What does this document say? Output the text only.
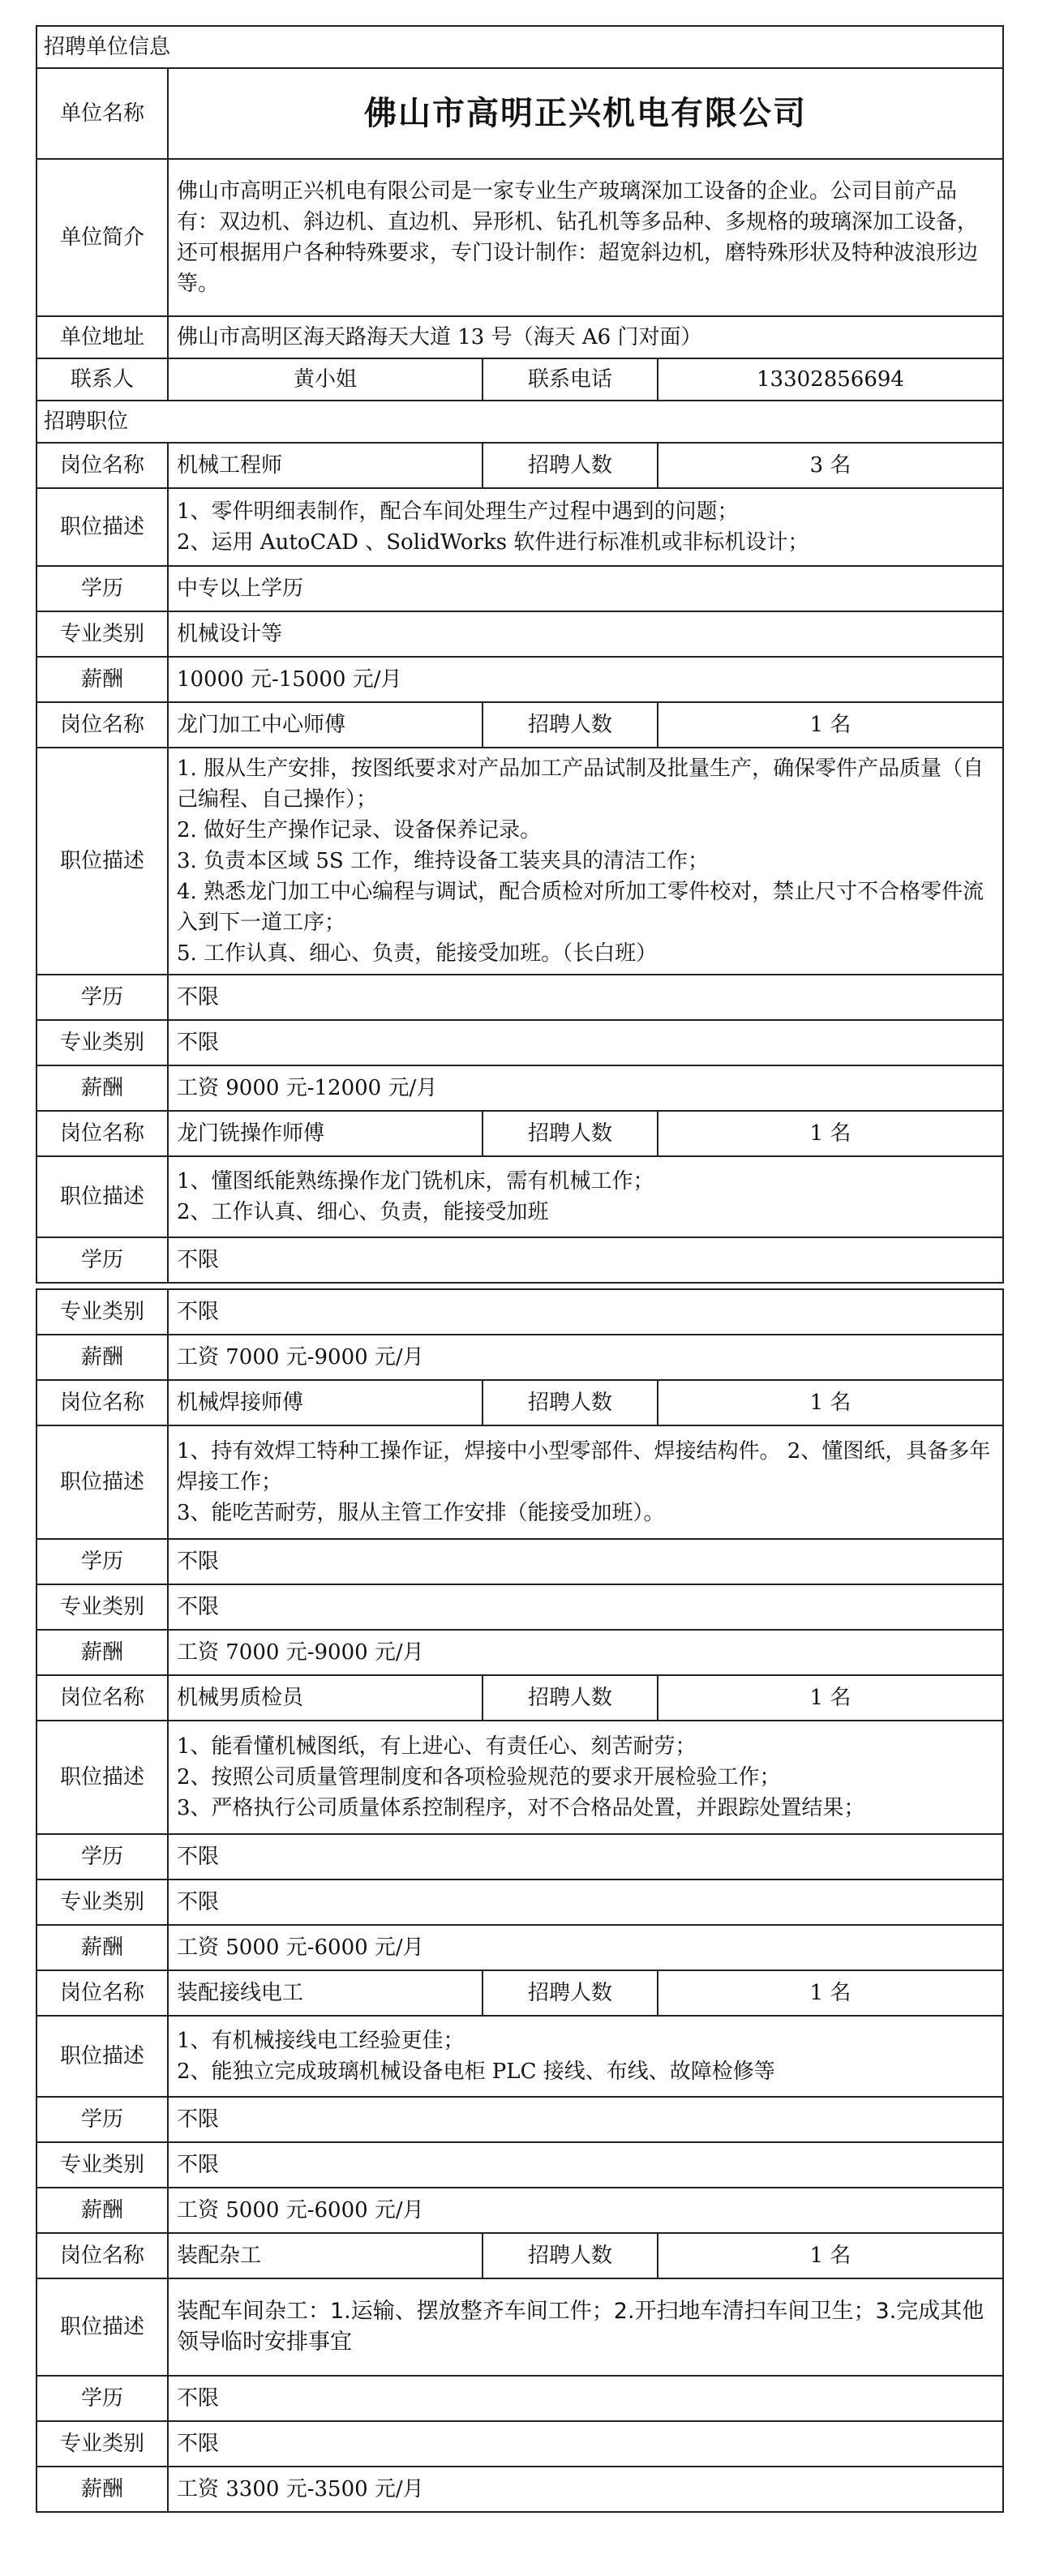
招聘单位信息			
单位名称	佛山市高明正兴机电有限公司		
单位简介	佛山市高明正兴机电有限公司是一家专业生产玻璃深加工设备的企业。公司目前产品有：双边机、斜边机、直边机、异形机、钻孔机等多品种、多规格的玻璃深加工设备，还可根据用户各种特殊要求，专门设计制作：超宽斜边机，磨特殊形状及特种波浪形边等。		
单位地址	佛山市高明区海天路海天大道 13 号（海天 A6 门对面）		
联系人	黄小姐	联系电话	13302856694
招聘职位			
岗位名称	机械工程师	招聘人数	3 名
职位描述	1、零件明细表制作，配合车间处理生产过程中遇到的问题；
2、运用 AutoCAD 、SolidWorks 软件进行标准机或非标机设计；		
学历	中专以上学历		
专业类别	机械设计等		
薪酬	10000 元-15000 元/月		
岗位名称	龙门加工中心师傅	招聘人数	1 名
职位描述	1. 服从生产安排，按图纸要求对产品加工产品试制及批量生产，确保零件产品质量（自己编程、自己操作）；
2. 做好生产操作记录、设备保养记录。
3. 负责本区域 5S 工作，维持设备工装夹具的清洁工作；
4. 熟悉龙门加工中心编程与调试，配合质检对所加工零件校对，禁止尺寸不合格零件流入到下一道工序；
5. 工作认真、细心、负责，能接受加班。（长白班）		
学历	不限		
专业类别	不限		
薪酬	工资 9000 元-12000 元/月		
岗位名称	龙门铣操作师傅	招聘人数	1 名
职位描述	1、懂图纸能熟练操作龙门铣机床，需有机械工作；
2、工作认真、细心、负责，能接受加班		
学历	不限		
专业类别	不限		
薪酬	工资 7000 元-9000 元/月		
岗位名称	机械焊接师傅	招聘人数	1 名
职位描述	1、持有效焊工特种工操作证，焊接中小型零部件、焊接结构件。 2、懂图纸，具备多年焊接工作；
3、能吃苦耐劳，服从主管工作安排（能接受加班）。		
学历	不限		
专业类别	不限		
薪酬	工资 7000 元-9000 元/月		
岗位名称	机械男质检员	招聘人数	1 名
职位描述	1、能看懂机械图纸，有上进心、有责任心、刻苦耐劳；
2、按照公司质量管理制度和各项检验规范的要求开展检验工作；
3、严格执行公司质量体系控制程序，对不合格品处置，并跟踪处置结果；		
学历	不限		
专业类别	不限		
薪酬	工资 5000 元-6000 元/月		
岗位名称	装配接线电工	招聘人数	1 名
职位描述	1、有机械接线电工经验更佳；
2、能独立完成玻璃机械设备电柜 PLC 接线、布线、故障检修等		
学历	不限		
专业类别	不限		
薪酬	工资 5000 元-6000 元/月		
岗位名称	装配杂工	招聘人数	1 名
职位描述	装配车间杂工：1.运输、摆放整齐车间工件；2.开扫地车清扫车间卫生；3.完成其他领导临时安排事宜		
学历	不限		
专业类别	不限		
薪酬	工资 3300 元-3500 元/月		
